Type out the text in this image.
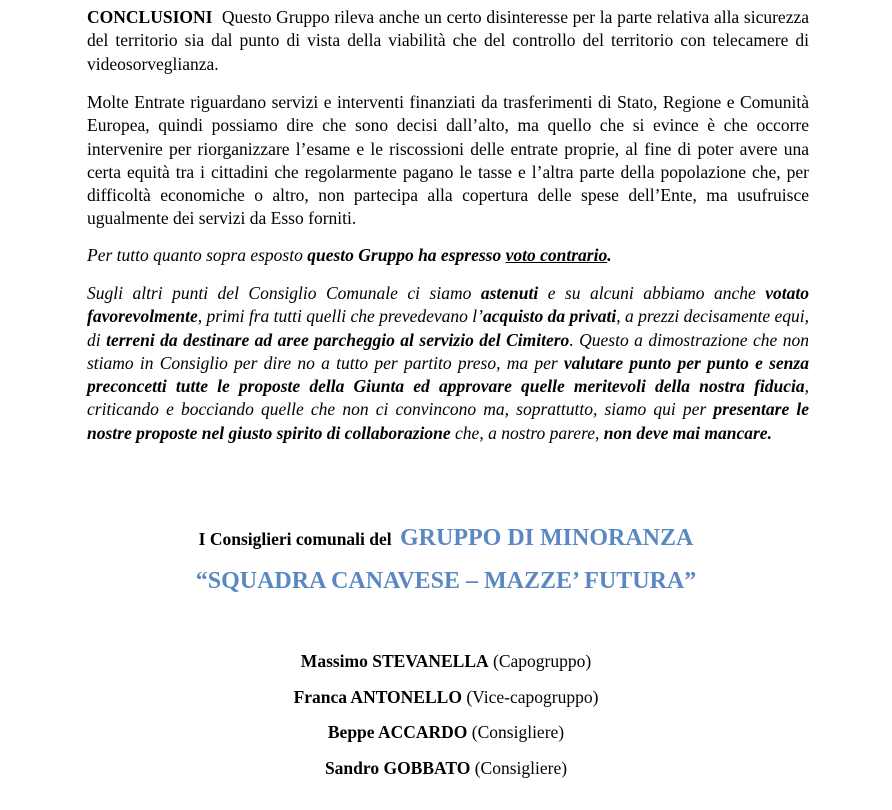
CONCLUSIONI Questo Gruppo rileva anche un certo disinteresse per la parte relativa alla sicurezza del territorio sia dal punto di vista della viabilità che del controllo del territorio con telecamere di videosorveglianza.

Molte Entrate riguardano servizi e interventi finanziati da trasferimenti di Stato, Regione e Comunità Europea, quindi possiamo dire che sono decisi dall’alto, ma quello che si evince è che occorre intervenire per riorganizzare l’esame e le riscossioni delle entrate proprie, al fine di poter avere una certa equità tra i cittadini che regolarmente pagano le tasse e l’altra parte della popolazione che, per difficoltà economiche o altro, non partecipa alla copertura delle spese dell’Ente, ma usufruisce ugualmente dei servizi da Esso forniti.

Per tutto quanto sopra esposto questo Gruppo ha espresso voto contrario.

Sugli altri punti del Consiglio Comunale ci siamo astenuti e su alcuni abbiamo anche votato favorevolmente, primi fra tutti quelli che prevedevano l’acquisto da privati, a prezzi decisamente equi, di terreni da destinare ad aree parcheggio al servizio del Cimitero. Questo a dimostrazione che non stiamo in Consiglio per dire no a tutto per partito preso, ma per valutare punto per punto e senza preconcetti tutte le proposte della Giunta ed approvare quelle meritevoli della nostra fiducia, criticando e bocciando quelle che non ci convincono ma, soprattutto, siamo qui per presentare le nostre proposte nel giusto spirito di collaborazione che, a nostro parere, non deve mai mancare.

I Consiglieri comunali del GRUPPO DI MINORANZA
“SQUADRA CANAVESE – MAZZE’ FUTURA”
Massimo STEVANELLA (Capogruppo)
Franca ANTONELLO (Vice-capogruppo)
Beppe ACCARDO (Consigliere)
Sandro GOBBATO (Consigliere)
